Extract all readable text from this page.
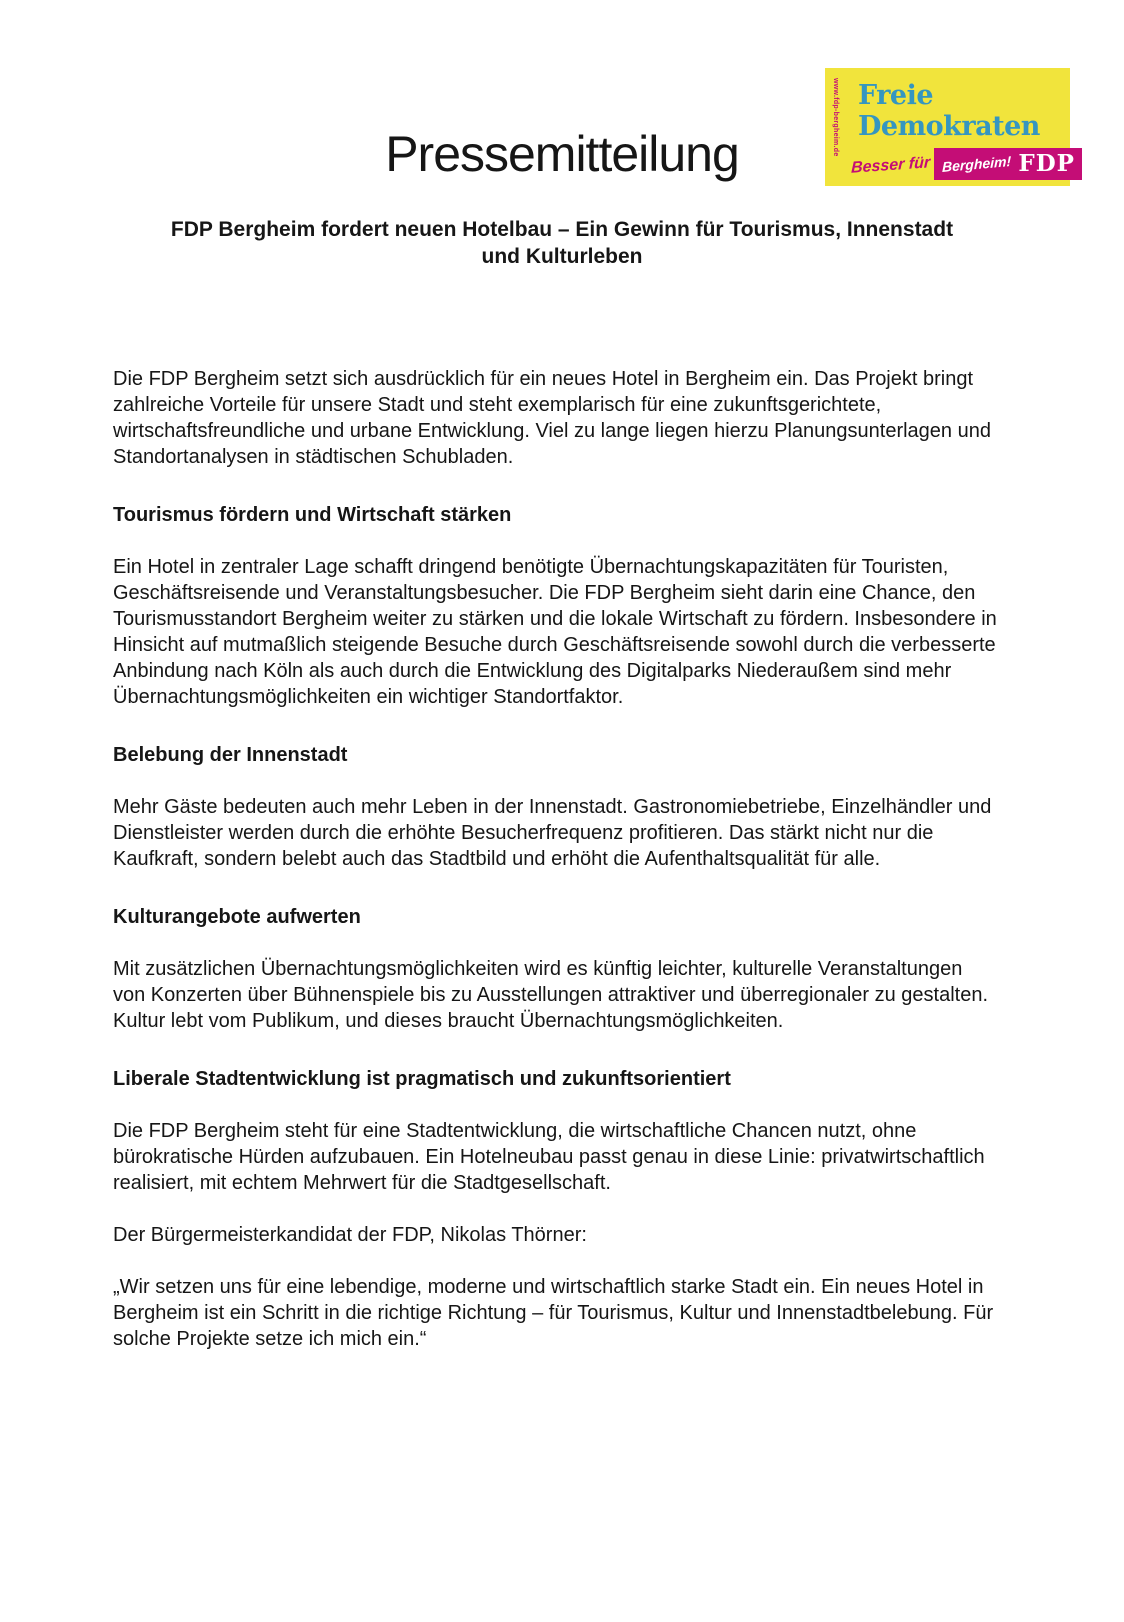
www.fdp-bergheim.de Freie
Demokraten
Besser für Bergheim! FDP
Pressemitteilung
FDP Bergheim fordert neuen Hotelbau – Ein Gewinn für Tourismus, Innenstadt und Kulturleben

Die FDP Bergheim setzt sich ausdrücklich für ein neues Hotel in Bergheim ein. Das Projekt bringt zahlreiche Vorteile für unsere Stadt und steht exemplarisch für eine zukunftsgerichtete, wirtschaftsfreundliche und urbane Entwicklung. Viel zu lange liegen hierzu Planungsunterlagen und Standortanalysen in städtischen Schubladen.

Tourismus fördern und Wirtschaft stärken

Ein Hotel in zentraler Lage schafft dringend benötigte Übernachtungskapazitäten für Touristen, Geschäftsreisende und Veranstaltungsbesucher. Die FDP Bergheim sieht darin eine Chance, den Tourismusstandort Bergheim weiter zu stärken und die lokale Wirtschaft zu fördern. Insbesondere in Hinsicht auf mutmaßlich steigende Besuche durch Geschäftsreisende sowohl durch die verbesserte Anbindung nach Köln als auch durch die Entwicklung des Digitalparks Niederaußem sind mehr Übernachtungsmöglichkeiten ein wichtiger Standortfaktor.

Belebung der Innenstadt

Mehr Gäste bedeuten auch mehr Leben in der Innenstadt. Gastronomiebetriebe, Einzelhändler und Dienstleister werden durch die erhöhte Besucherfrequenz profitieren. Das stärkt nicht nur die Kaufkraft, sondern belebt auch das Stadtbild und erhöht die Aufenthaltsqualität für alle.

Kulturangebote aufwerten

Mit zusätzlichen Übernachtungsmöglichkeiten wird es künftig leichter, kulturelle Veranstaltungen von Konzerten über Bühnenspiele bis zu Ausstellungen attraktiver und überregionaler zu gestalten. Kultur lebt vom Publikum, und dieses braucht Übernachtungsmöglichkeiten.

Liberale Stadtentwicklung ist pragmatisch und zukunftsorientiert

Die FDP Bergheim steht für eine Stadtentwicklung, die wirtschaftliche Chancen nutzt, ohne bürokratische Hürden aufzubauen. Ein Hotelneubau passt genau in diese Linie: privatwirtschaftlich realisiert, mit echtem Mehrwert für die Stadtgesellschaft.

Der Bürgermeisterkandidat der FDP, Nikolas Thörner:

„Wir setzen uns für eine lebendige, moderne und wirtschaftlich starke Stadt ein. Ein neues Hotel in Bergheim ist ein Schritt in die richtige Richtung – für Tourismus, Kultur und Innenstadtbelebung. Für solche Projekte setze ich mich ein.“
